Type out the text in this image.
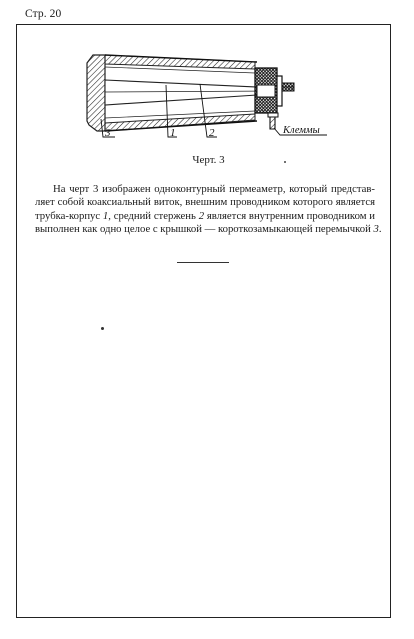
Стр. 20
3	1	2	Клеммы
Черт. 3
На черт 3 изображен одноконтурный пермеаметр, который представ-
ляет собой коаксиальный виток, внешним проводником которого является
трубка-корпус 1, средний стержень 2 является внутренним проводником и
выполнен как одно целое с крышкой — короткозамыкающей перемычкой 3.
